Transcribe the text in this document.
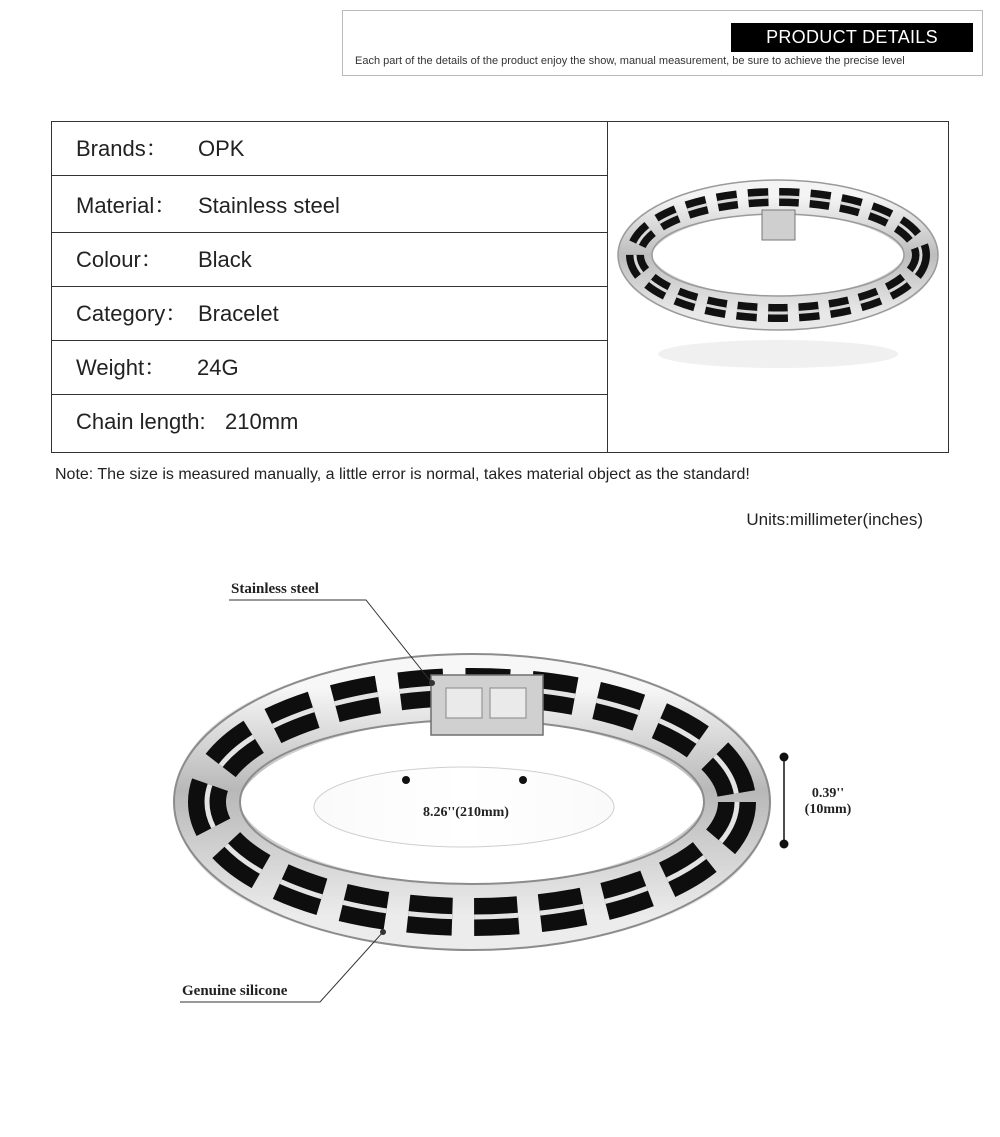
PRODUCT DETAILS
Each part of the details of the product enjoy the show, manual measurement, be sure to achieve the precise level
Brands： OPK
Material： Stainless steel
Colour： Black
Category： Bracelet
Weight： 24G
Chain length: 210mm
Note: The size is measured manually, a little error is normal, takes material object as the standard!
Units:millimeter(inches)
8.26''(210mm)
0.39''
(10mm)
Stainless steel
Genuine silicone
